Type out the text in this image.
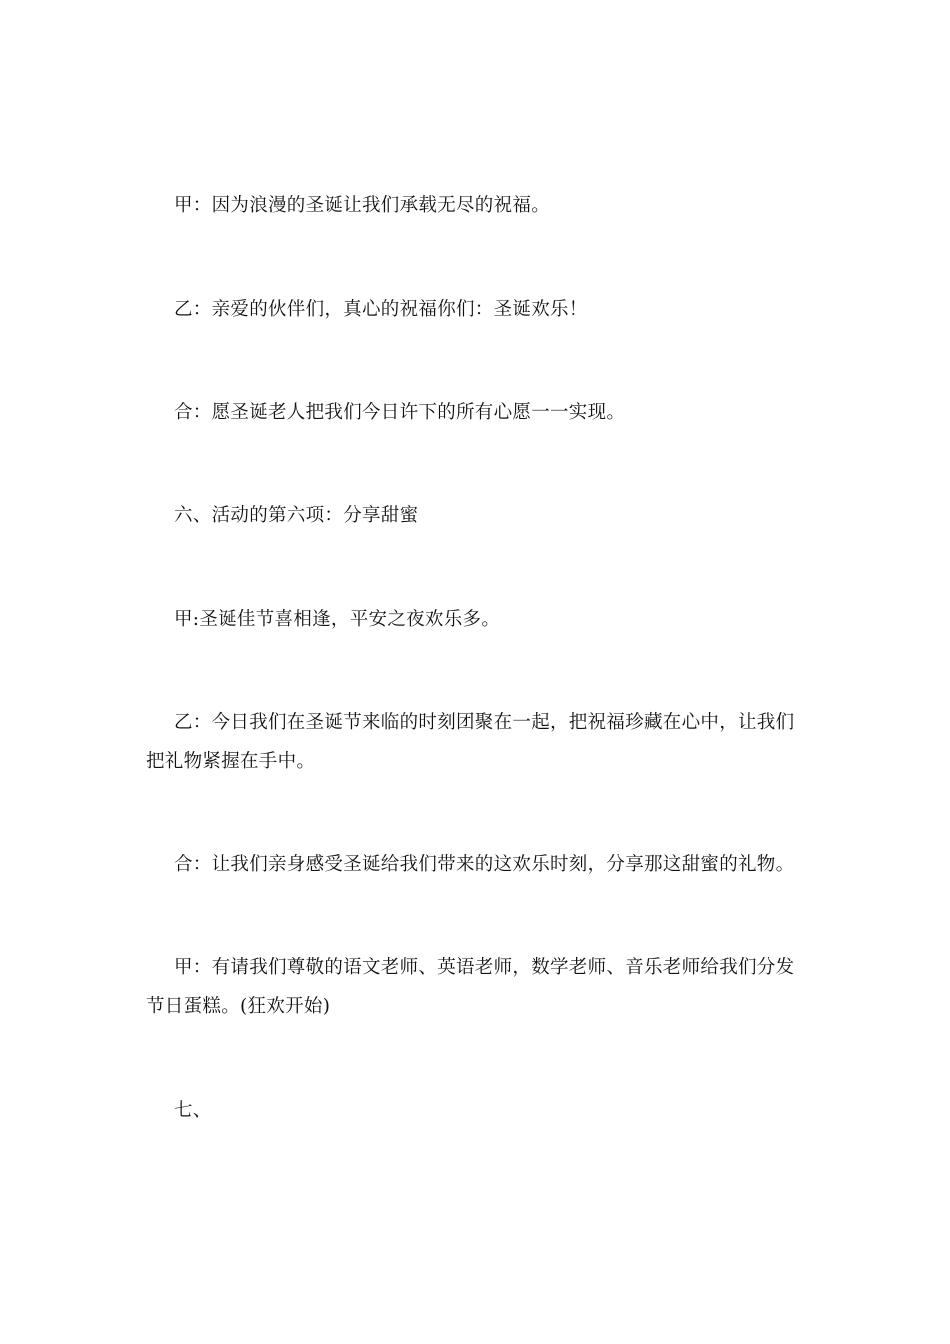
甲：因为浪漫的圣诞让我们承载无尽的祝福。

乙：亲爱的伙伴们，真心的祝福你们：圣诞欢乐！

合：愿圣诞老人把我们今日许下的所有心愿一一实现。

六、活动的第六项：分享甜蜜

甲:圣诞佳节喜相逢，平安之夜欢乐多。

乙：今日我们在圣诞节来临的时刻团聚在一起，把祝福珍藏在心中，让我们把礼物紧握在手中。

合：让我们亲身感受圣诞给我们带来的这欢乐时刻，分享那这甜蜜的礼物。

甲：有请我们尊敬的语文老师、英语老师，数学老师、音乐老师给我们分发节日蛋糕。(狂欢开始)

七、
